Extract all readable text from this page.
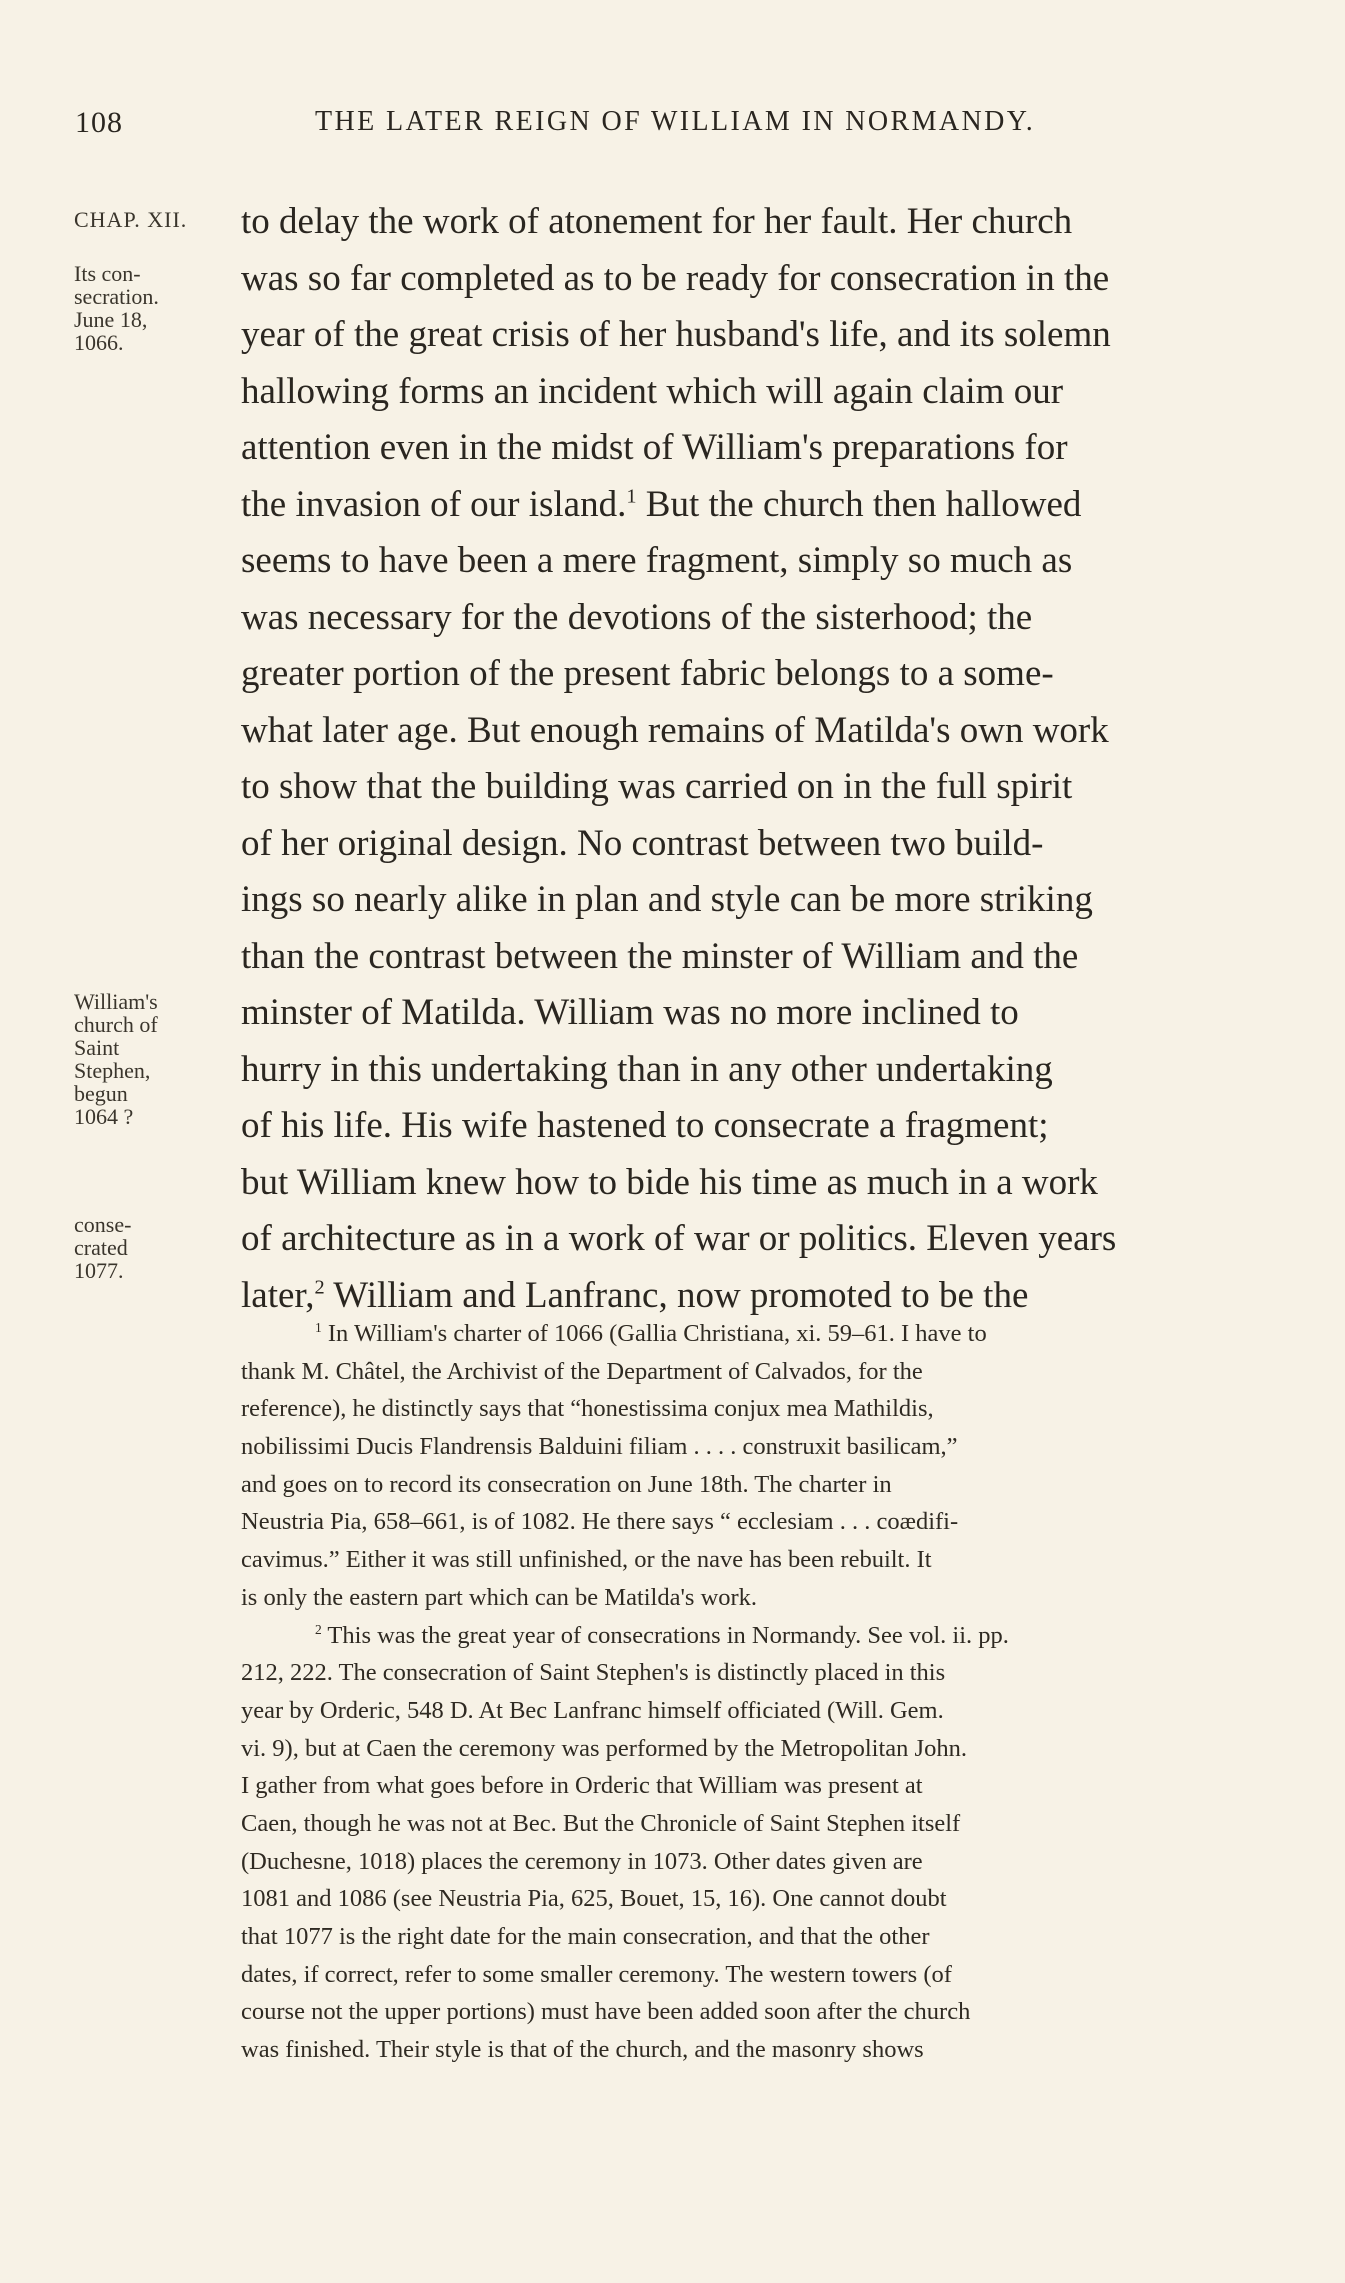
108	THE LATER REIGN OF WILLIAM IN NORMANDY.
CHAP. XII.
Its con-
secration.
June 18,
1066.
William's
church of
Saint
Stephen,
begun
1064 ?
conse-
crated
1077.
to delay the work of atonement for her fault. Her church
was so far completed as to be ready for consecration in the
year of the great crisis of her husband's life, and its solemn
hallowing forms an incident which will again claim our
attention even in the midst of William's preparations for
the invasion of our island.$^1$ But the church then hallowed
seems to have been a mere fragment, simply so much as
was necessary for the devotions of the sisterhood; the
greater portion of the present fabric belongs to a some-
what later age. But enough remains of Matilda's own work
to show that the building was carried on in the full spirit
of her original design. No contrast between two build-
ings so nearly alike in plan and style can be more striking
than the contrast between the minster of William and the
minster of Matilda. William was no more inclined to
hurry in this undertaking than in any other undertaking
of his life. His wife hastened to consecrate a fragment;
but William knew how to bide his time as much in a work
of architecture as in a work of war or politics. Eleven years
later,$^2$ William and Lanfranc, now promoted to be the
$^1$ In William's charter of 1066 (Gallia Christiana, xi. 59–61. I have to
thank M. Châtel, the Archivist of the Department of Calvados, for the
reference), he distinctly says that “honestissima conjux mea Mathildis,
nobilissimi Ducis Flandrensis Balduini filiam . . . . construxit basilicam,”
and goes on to record its consecration on June 18th. The charter in
Neustria Pia, 658–661, is of 1082. He there says “ ecclesiam . . . coædifi-
cavimus.” Either it was still unfinished, or the nave has been rebuilt. It
is only the eastern part which can be Matilda's work.
$^2$ This was the great year of consecrations in Normandy. See vol. ii. pp.
212, 222. The consecration of Saint Stephen's is distinctly placed in this
year by Orderic, 548 D. At Bec Lanfranc himself officiated (Will. Gem.
vi. 9), but at Caen the ceremony was performed by the Metropolitan John.
I gather from what goes before in Orderic that William was present at
Caen, though he was not at Bec. But the Chronicle of Saint Stephen itself
(Duchesne, 1018) places the ceremony in 1073. Other dates given are
1081 and 1086 (see Neustria Pia, 625, Bouet, 15, 16). One cannot doubt
that 1077 is the right date for the main consecration, and that the other
dates, if correct, refer to some smaller ceremony. The western towers (of
course not the upper portions) must have been added soon after the church
was finished. Their style is that of the church, and the masonry shows
